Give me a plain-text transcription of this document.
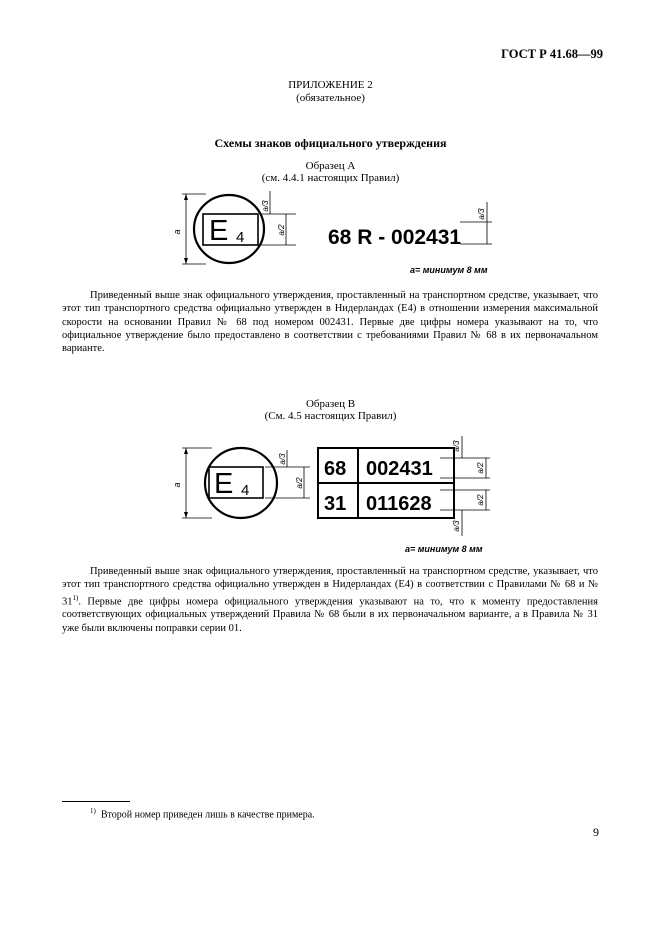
ГОСТ Р 41.68—99
ПРИЛОЖЕНИЕ 2
(обязательное)
Схемы знаков официального утверждения
Образец А
(см. 4.4.1 настоящих Правил)
a E 4
a/3
a/2 68 R - 002431
a/3
a= минимум 8 мм

Приведенный выше знак официального утверждения, проставленный на транспортном средстве, указывает, что этот тип транспортного средства официально утвержден в Нидерландах (E4) в отношении измерения максимальной скорости на основании Правил № 68 под номером 002431. Первые две цифры номера указывают на то, что официальное утверждение было предоставлено в соответствии с требованиями Правил № 68 в их первоначальном варианте.

Образец В
(См. 4.5 настоящих Правил)
a E 4
a/3
a/2
68 002431
31 011628
a/3
a/2
a/2
a/3
a= минимум 8 мм

Приведенный выше знак официального утверждения, проставленный на транспортном средстве, указывает, что этот тип транспортного средства официально утвержден в Нидерландах (E4) в соответствии с Правилами № 68 и № 31$^{1)}$. Первые две цифры номера официального утверждения указывают на то, что к моменту предоставления соответствующих официальных утверждений Правила № 68 были в их первоначальном варианте, а в Правила № 31 уже были включены поправки серии 01.

$^{1)}$ Второй номер приведен лишь в качестве примера.
9
